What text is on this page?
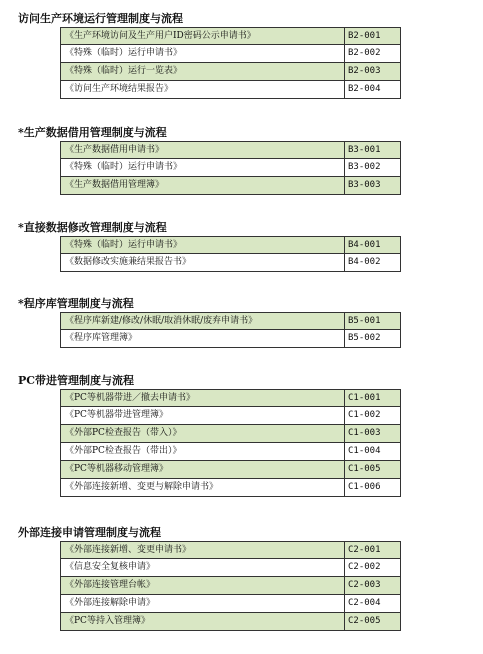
访问生产环境运行管理制度与流程
《生产环境访问及生产用户ID密码公示申请书》	B2-001
《特殊（临时）运行申请书》	B2-002
《特殊（临时）运行一览表》	B2-003
《访问生产环境结果报告》	B2-004
*生产数据借用管理制度与流程
《生产数据借用申请书》	B3-001
《特殊（临时）运行申请书》	B3-002
《生产数据借用管理簿》	B3-003
*直接数据修改管理制度与流程
《特殊（临时）运行申请书》	B4-001
《数据修改实施兼结果报告书》	B4-002
*程序库管理制度与流程
《程序库新建/修改/休眠/取消休眠/废弃申请书》	B5-001
《程序库管理簿》	B5-002
PC带进管理制度与流程
《PC等机器带进／撤去申请书》	C1-001
《PC等机器带进管理簿》	C1-002
《外部PC检查报告（带入）》	C1-003
《外部PC检查报告（带出）》	C1-004
《PC等机器移动管理簿》	C1-005
《外部连接新增、变更与解除申请书》	C1-006
外部连接申请管理制度与流程
《外部连接新增、变更申请书》	C2-001
《信息安全复核申请》	C2-002
《外部连接管理台帐》	C2-003
《外部连接解除申请》	C2-004
《PC等持入管理簿》	C2-005
